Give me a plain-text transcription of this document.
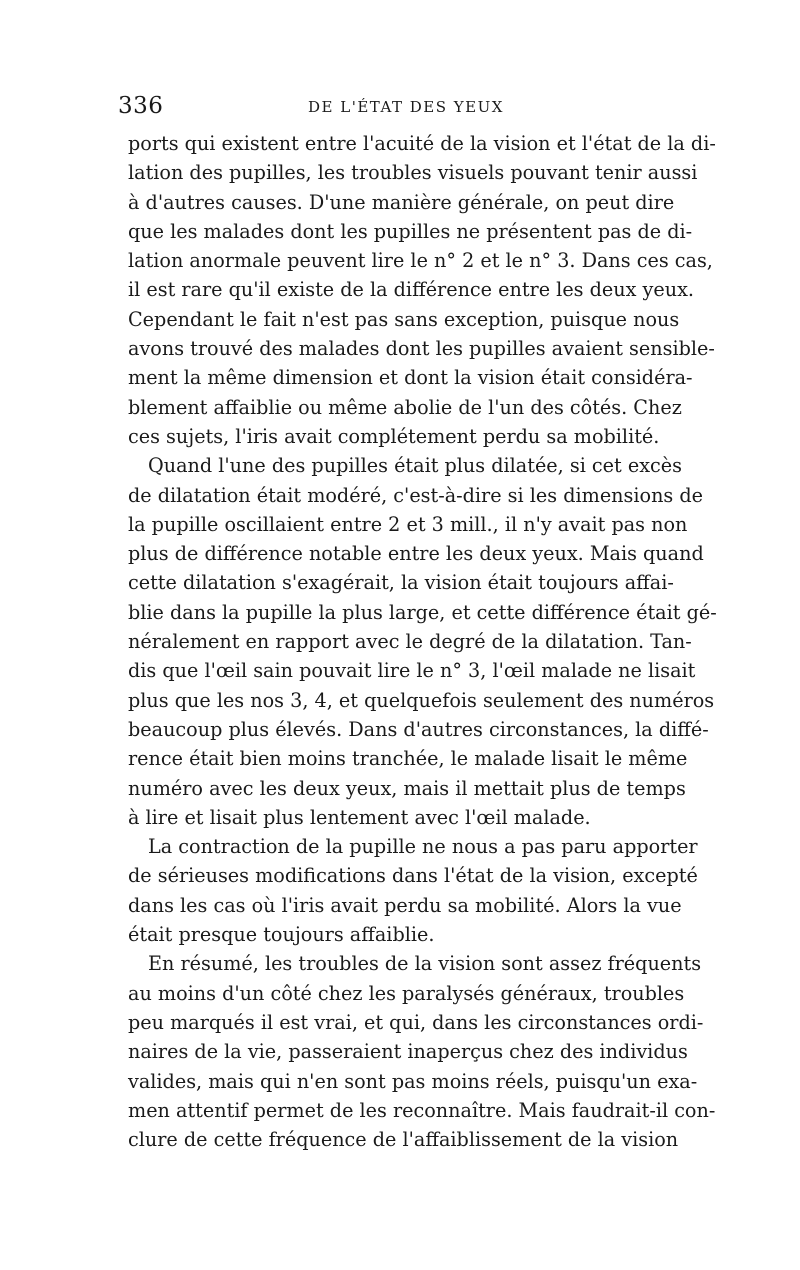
336	DE L'ÉTAT DES YEUX
ports qui existent entre l'acuité de la vision et l'état de la di-
lation des pupilles, les troubles visuels pouvant tenir aussi
à d'autres causes. D'une manière générale, on peut dire
que les malades dont les pupilles ne présentent pas de di-
lation anormale peuvent lire le n° 2 et le n° 3. Dans ces cas,
il est rare qu'il existe de la différence entre les deux yeux.
Cependant le fait n'est pas sans exception, puisque nous
avons trouvé des malades dont les pupilles avaient sensible-
ment la même dimension et dont la vision était considéra-
blement affaiblie ou même abolie de l'un des côtés. Chez
ces sujets, l'iris avait complétement perdu sa mobilité.
Quand l'une des pupilles était plus dilatée, si cet excès
de dilatation était modéré, c'est-à-dire si les dimensions de
la pupille oscillaient entre 2 et 3 mill., il n'y avait pas non
plus de différence notable entre les deux yeux. Mais quand
cette dilatation s'exagérait, la vision était toujours affai-
blie dans la pupille la plus large, et cette différence était gé-
néralement en rapport avec le degré de la dilatation. Tan-
dis que l'œil sain pouvait lire le n° 3, l'œil malade ne lisait
plus que les nos 3, 4, et quelquefois seulement des numéros
beaucoup plus élevés. Dans d'autres circonstances, la diffé-
rence était bien moins tranchée, le malade lisait le même
numéro avec les deux yeux, mais il mettait plus de temps
à lire et lisait plus lentement avec l'œil malade.
La contraction de la pupille ne nous a pas paru apporter
de sérieuses modifications dans l'état de la vision, excepté
dans les cas où l'iris avait perdu sa mobilité. Alors la vue
était presque toujours affaiblie.
En résumé, les troubles de la vision sont assez fréquents
au moins d'un côté chez les paralysés généraux, troubles
peu marqués il est vrai, et qui, dans les circonstances ordi-
naires de la vie, passeraient inaperçus chez des individus
valides, mais qui n'en sont pas moins réels, puisqu'un exa-
men attentif permet de les reconnaître. Mais faudrait-il con-
clure de cette fréquence de l'affaiblissement de la vision
